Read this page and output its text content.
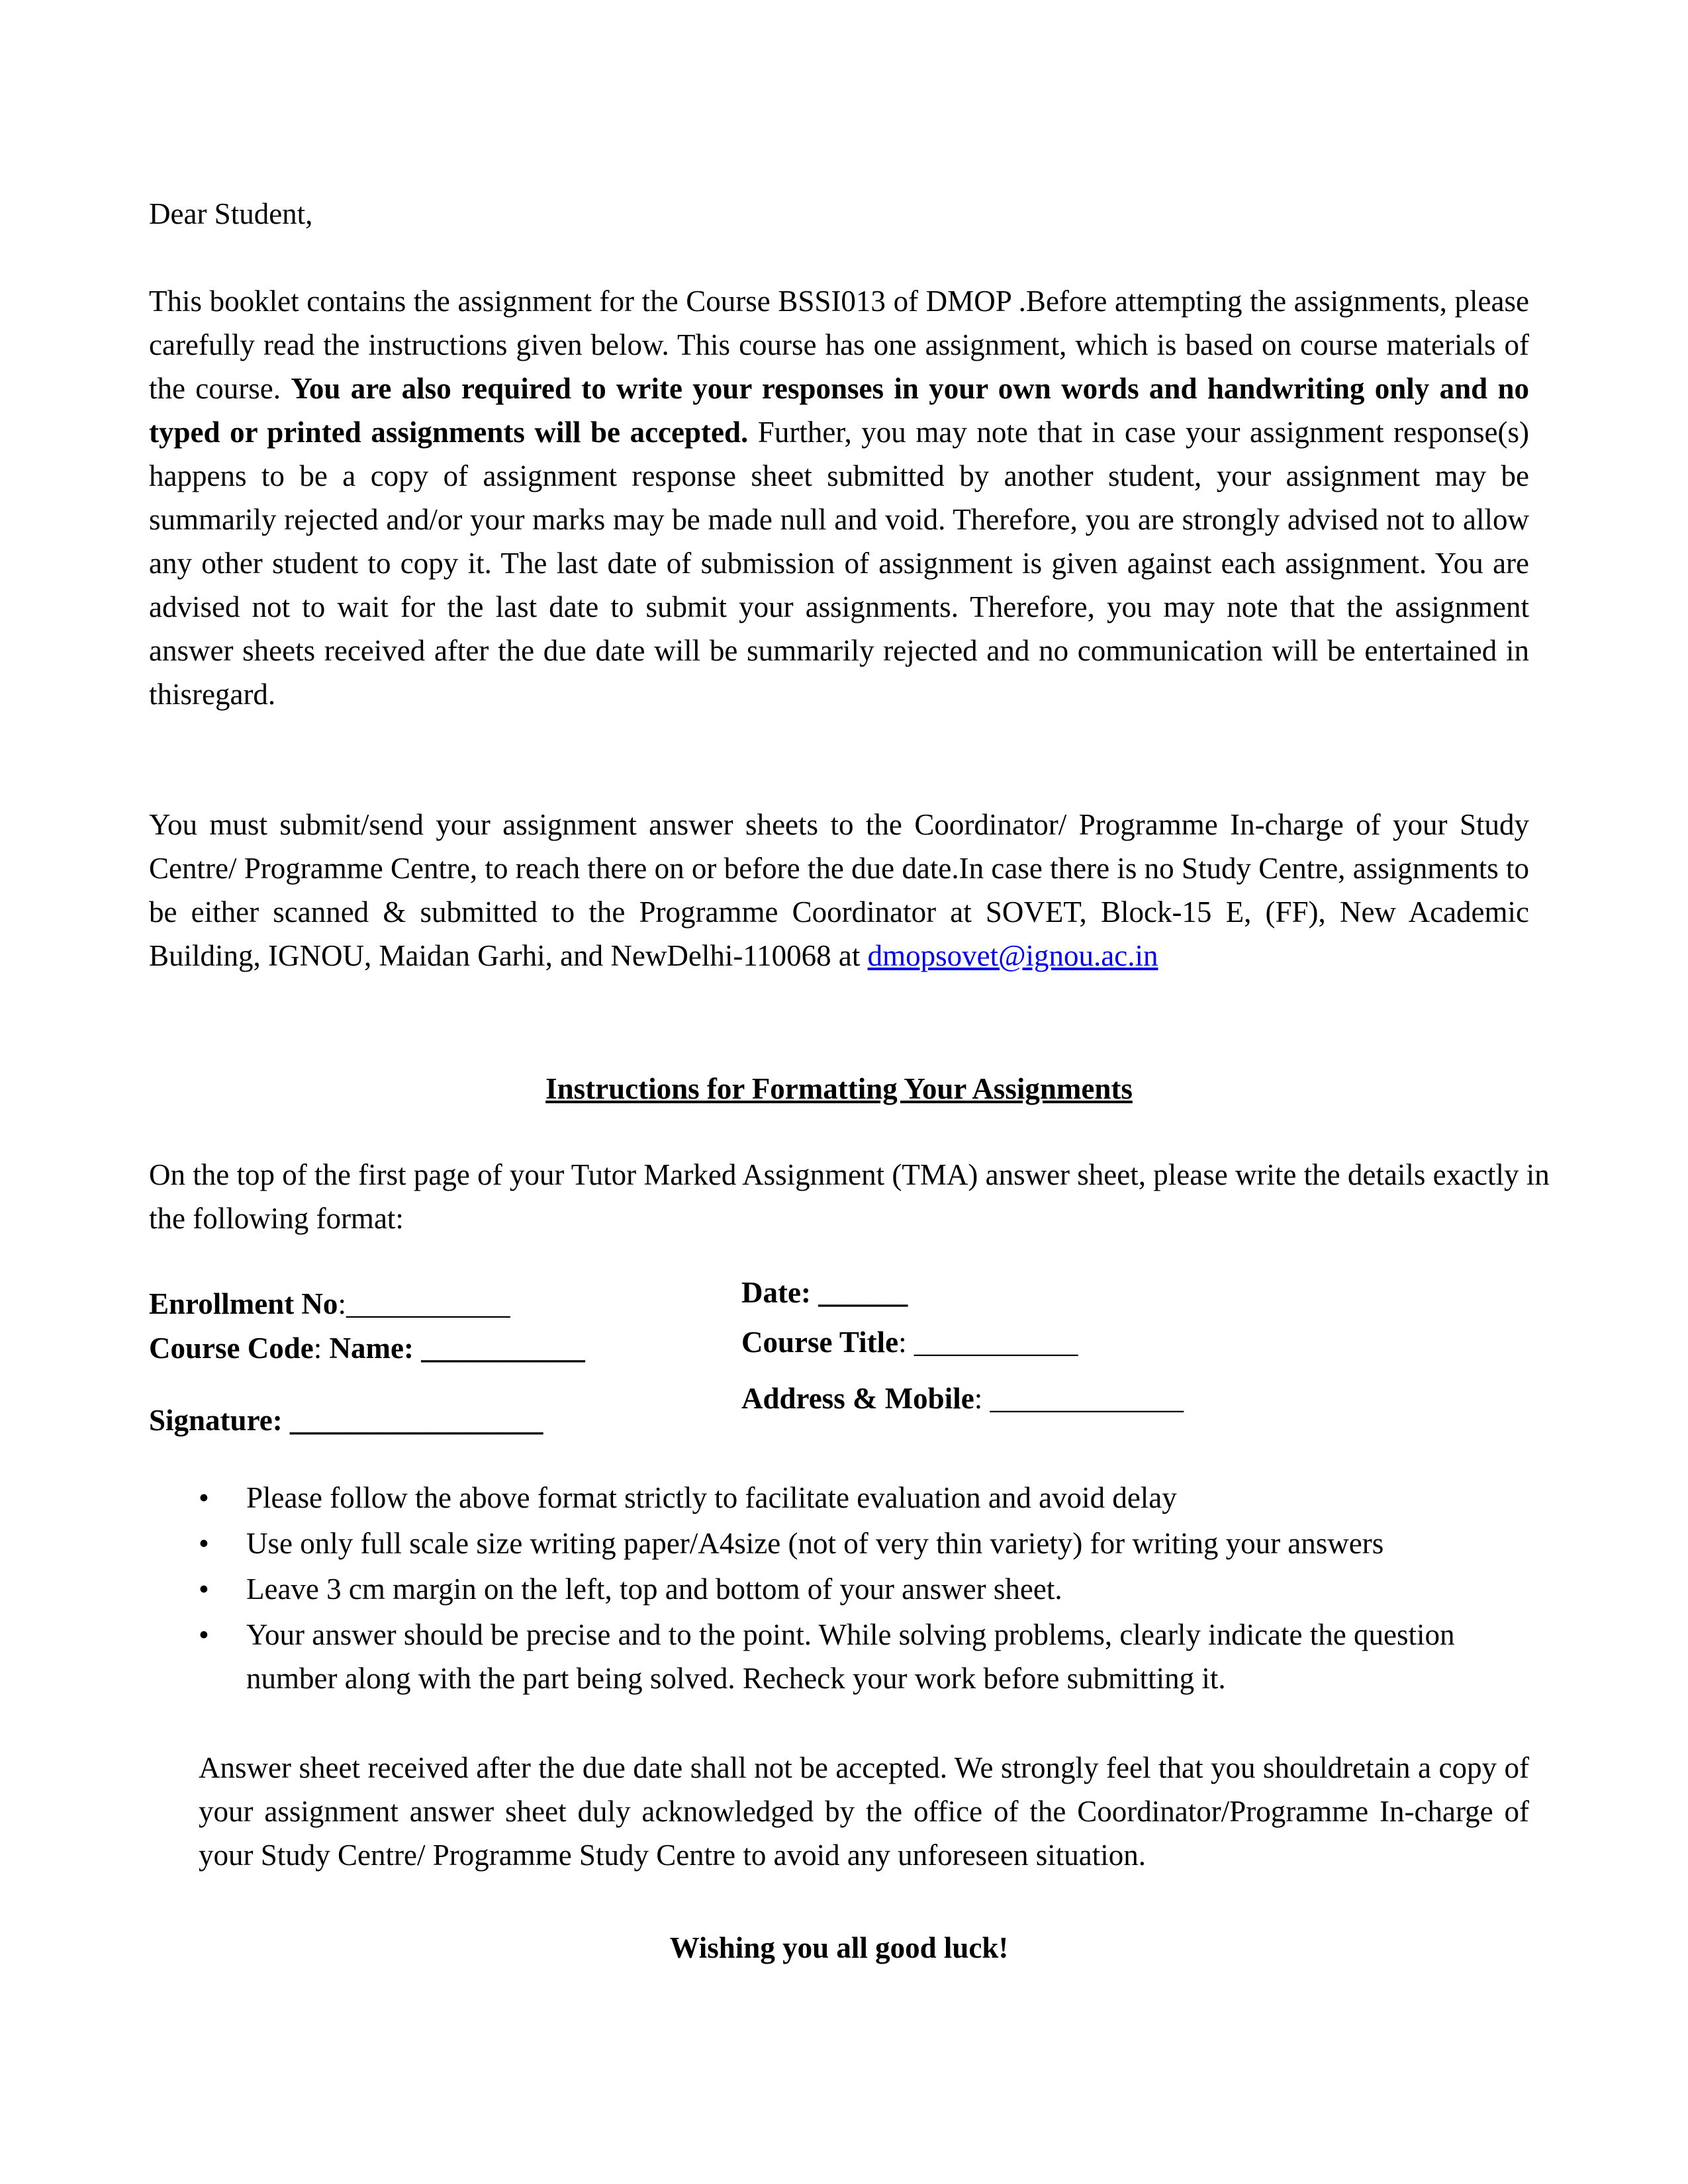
Dear Student,

This booklet contains the assignment for the Course BSSI013 of DMOP .Before attempting the assignments, please carefully read the instructions given below. This course has one assignment, which is based on course materials of the course. You are also required to write your responses in your own words and handwriting only and no typed or printed assignments will be accepted. Further, you may note that in case your assignment response(s) happens to be a copy of assignment response sheet submitted by another student, your assignment may be summarily rejected and/or your marks may be made null and void. Therefore, you are strongly advised not to allow any other student to copy it. The last date of submission of assignment is given against each assignment. You are advised not to wait for the last date to submit your assignments. Therefore, you may note that the assignment answer sheets received after the due date will be summarily rejected and no communication will be entertained in thisregard.

You must submit/send your assignment answer sheets to the Coordinator/ Programme In-charge of your Study Centre/ Programme Centre, to reach there on or before the due date.In case there is no Study Centre, assignments to be either scanned & submitted to the Programme Coordinator at SOVET, Block-15 E, (FF), New Academic Building, IGNOU, Maidan Garhi, and NewDelhi-110068 at dmopsovet@ignou.ac.in

Instructions for Formatting Your Assignments

On the top of the first page of your Tutor Marked Assignment (TMA) answer sheet, please write the details exactly in the following format:

Enrollment No:___________
Course Code: Name: ___________
Signature: _________________
Date: ______
Course Title: ___________
Address & Mobile: _____________
• Please follow the above format strictly to facilitate evaluation and avoid delay
• Use only full scale size writing paper/A4size (not of very thin variety) for writing your answers
• Leave 3 cm margin on the left, top and bottom of your answer sheet.
• Your answer should be precise and to the point. While solving problems, clearly indicate the question number along with the part being solved. Recheck your work before submitting it.

Answer sheet received after the due date shall not be accepted. We strongly feel that you shouldretain a copy of your assignment answer sheet duly acknowledged by the office of the Coordinator/Programme In-charge of your Study Centre/ Programme Study Centre to avoid any unforeseen situation.

Wishing you all good luck!
